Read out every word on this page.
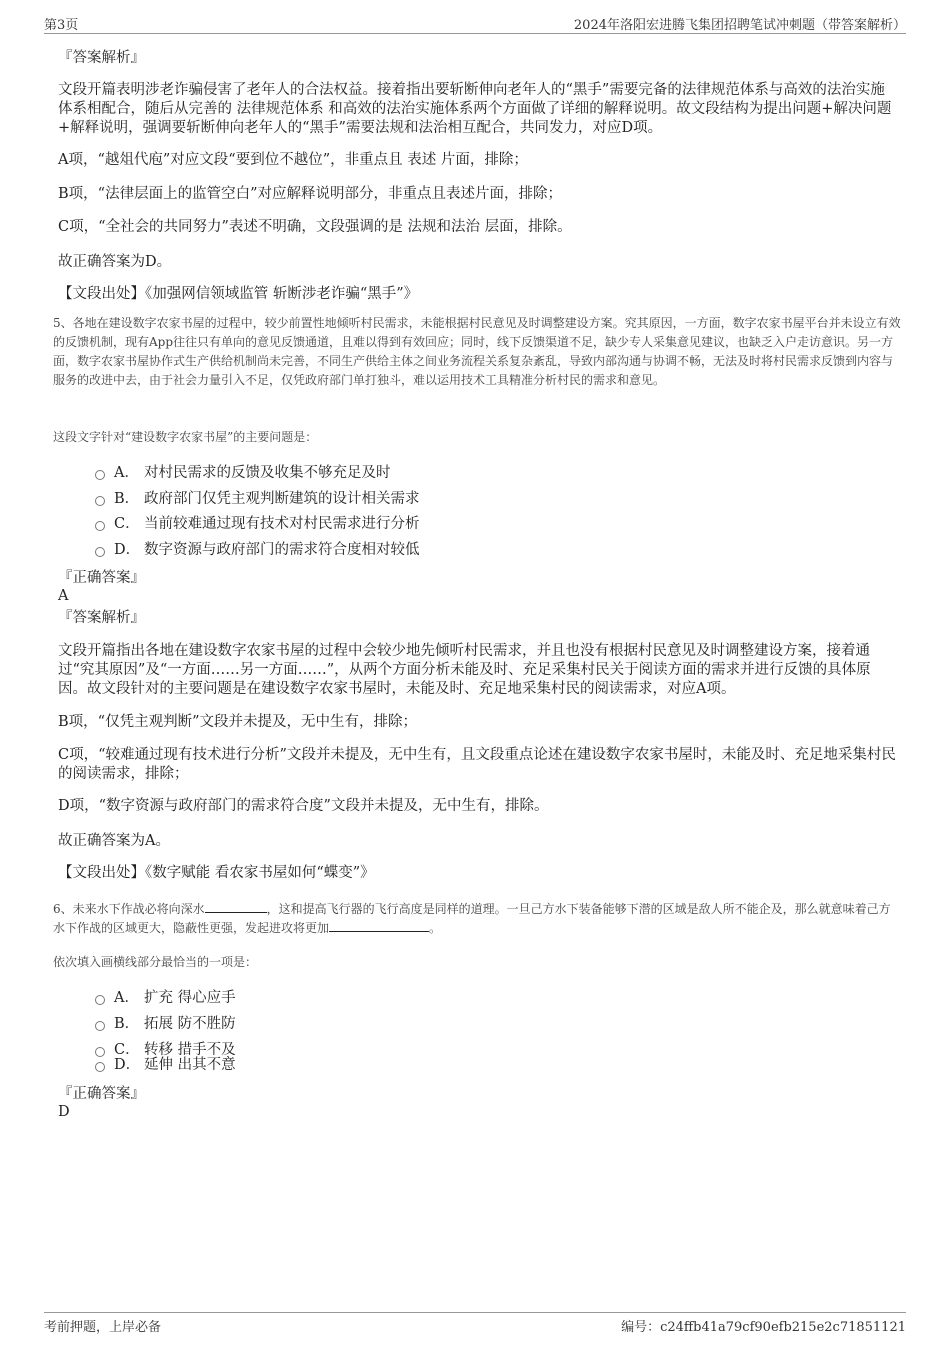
第3页	2024年洛阳宏进腾飞集团招聘笔试冲刺题（带答案解析）
『答案解析』
文段开篇表明涉老诈骗侵害了老年人的合法权益。接着指出要斩断伸向老年人的“黑手”需要完备的法律规范体系与高效的法治实施体系相配合，随后从完善的 法律规范体系 和高效的法治实施体系两个方面做了详细的解释说明。故文段结构为提出问题+解决问题+解释说明，强调要斩断伸向老年人的“黑手”需要法规和法治相互配合，共同发力，对应D项。
A项，“越俎代庖”对应文段“要到位不越位”，非重点且 表述 片面，排除；
B项，“法律层面上的监管空白”对应解释说明部分，非重点且表述片面，排除；
C项，“全社会的共同努力”表述不明确，文段强调的是 法规和法治 层面，排除。
故正确答案为D。
【文段出处】《加强网信领域监管 斩断涉老诈骗“黑手”》
5、各地在建设数字农家书屋的过程中，较少前置性地倾听村民需求，未能根据村民意见及时调整建设方案。究其原因，一方面，数字农家书屋平台并未设立有效的反馈机制，现有App往往只有单向的意见反馈通道，且难以得到有效回应；同时，线下反馈渠道不足，缺少专人采集意见建议，也缺乏入户走访意识。另一方面，数字农家书屋协作式生产供给机制尚未完善，不同生产供给主体之间业务流程关系复杂紊乱，导致内部沟通与协调不畅，无法及时将村民需求反馈到内容与服务的改进中去，由于社会力量引入不足，仅凭政府部门单打独斗，难以运用技术工具精准分析村民的需求和意见。
这段文字针对“建设数字农家书屋”的主要问题是：
A． 对村民需求的反馈及收集不够充足及时
B． 政府部门仅凭主观判断建筑的设计相关需求
C． 当前较难通过现有技术对村民需求进行分析
D． 数字资源与政府部门的需求符合度相对较低
『正确答案』
A
『答案解析』
文段开篇指出各地在建设数字农家书屋的过程中会较少地先倾听村民需求，并且也没有根据村民意见及时调整建设方案，接着通过“究其原因”及“一方面……另一方面……”，从两个方面分析未能及时、充足采集村民关于阅读方面的需求并进行反馈的具体原因。故文段针对的主要问题是在建设数字农家书屋时，未能及时、充足地采集村民的阅读需求，对应A项。
B项，“仅凭主观判断”文段并未提及，无中生有，排除；
C项，“较难通过现有技术进行分析”文段并未提及，无中生有，且文段重点论述在建设数字农家书屋时，未能及时、充足地采集村民的阅读需求，排除；
D项，“数字资源与政府部门的需求符合度”文段并未提及，无中生有，排除。
故正确答案为A。
【文段出处】《数字赋能 看农家书屋如何“蝶变”》
6、未来水下作战必将向深水	，这和提高飞行器的飞行高度是同样的道理。一旦己方水下装备能够下潜的区域是敌人所不能企及，那么就意味着己方水下作战的区域更大，隐蔽性更强，发起进攻将更加	。
依次填入画横线部分最恰当的一项是：
A． 扩充 得心应手
B． 拓展 防不胜防
C． 转移 措手不及
D． 延伸 出其不意
『正确答案』
D
考前押题，上岸必备	编号：c24ffb41a79cf90efb215e2c71851121
